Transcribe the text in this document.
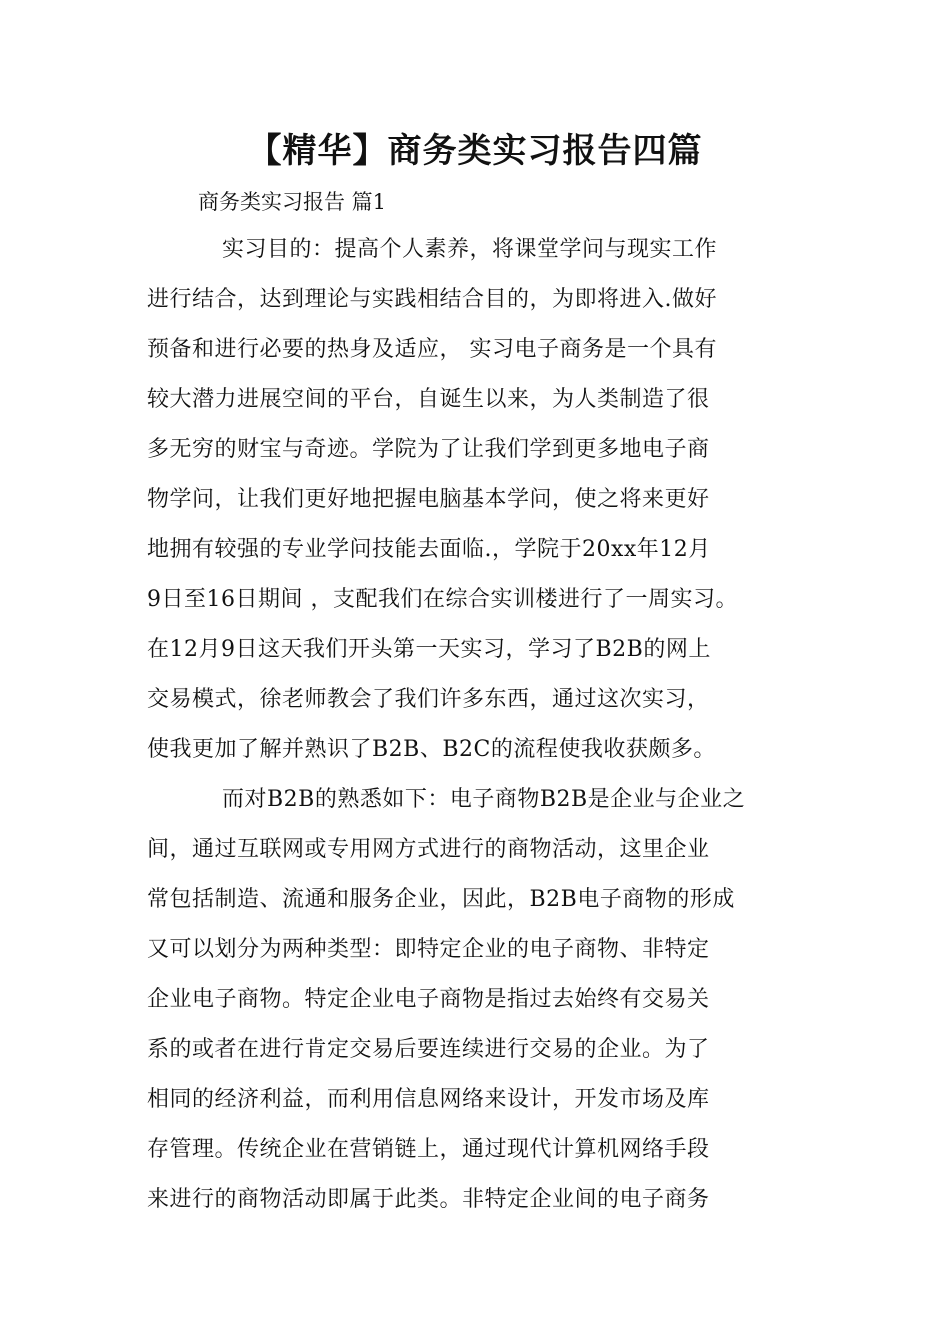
【精华】商务类实习报告四篇

商务类实习报告 篇1

实习目的：提高个人素养，将课堂学问与现实工作

进行结合，达到理论与实践相结合目的，为即将进入.做好

预备和进行必要的热身及适应， 实习电子商务是一个具有

较大潜力进展空间的平台，自诞生以来，为人类制造了很

多无穷的财宝与奇迹。学院为了让我们学到更多地电子商

物学问，让我们更好地把握电脑基本学问，使之将来更好

地拥有较强的专业学问技能去面临.，学院于20xx年12月

9日至16日期间 ，支配我们在综合实训楼进行了一周实习。

在12月9日这天我们开头第一天实习，学习了B2B的网上

交易模式，徐老师教会了我们许多东西，通过这次实习，

使我更加了解并熟识了B2B、B2C的流程使我收获颇多。

而对B2B的熟悉如下：电子商物B2B是企业与企业之

间，通过互联网或专用网方式进行的商物活动，这里企业

常包括制造、流通和服务企业，因此，B2B电子商物的形成

又可以划分为两种类型：即特定企业的电子商物、非特定

企业电子商物。特定企业电子商物是指过去始终有交易关

系的或者在进行肯定交易后要连续进行交易的企业。为了

相同的经济利益，而利用信息网络来设计，开发市场及库

存管理。传统企业在营销链上，通过现代计算机网络手段

来进行的商物活动即属于此类。非特定企业间的电子商务
